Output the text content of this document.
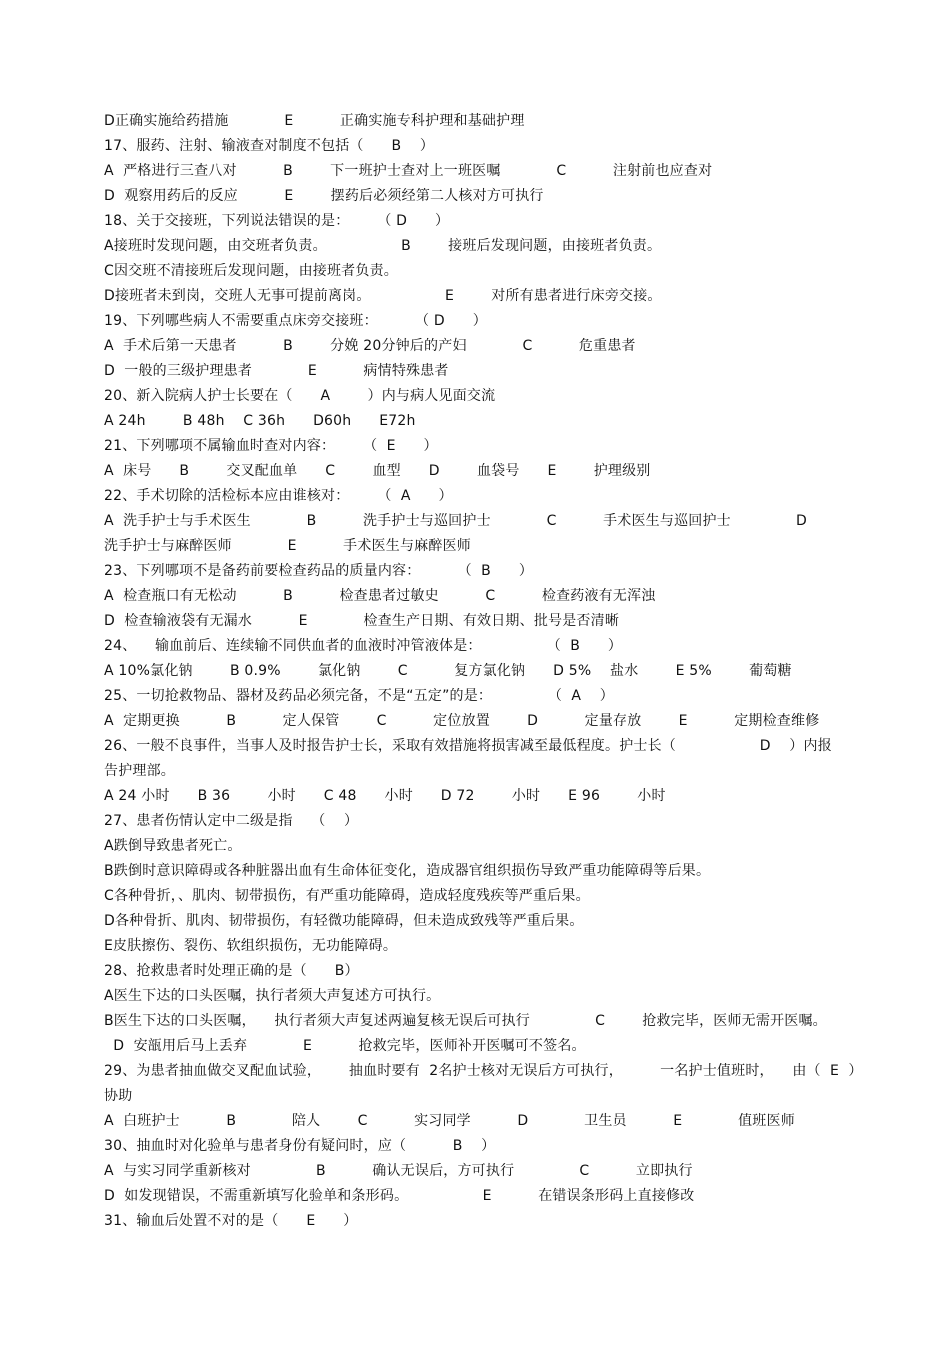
D正确实施给药措施            E          正确实施专科护理和基础护理
17、服药、注射、输液查对制度不包括（      B    ）
A  严格进行三查八对          B        下一班护士查对上一班医嘱            C          注射前也应查对
D  观察用药后的反应          E        摆药后必须经第二人核对方可执行
18、关于交接班，下列说法错误的是：      （ D      ）
A接班时发现问题，由交班者负责。                B        接班后发现问题，由接班者负责。
C因交班不清接班后发现问题，由接班者负责。
D接班者未到岗，交班人无事可提前离岗。                E        对所有患者进行床旁交接。
19、下列哪些病人不需要重点床旁交接班：        （ D      ）
A  手术后第一天患者          B        分娩 20分钟后的产妇            C          危重患者
D  一般的三级护理患者            E          病情特殊患者
20、新入院病人护士长要在（      A        ）内与病人见面交流
A 24h        B 48h    C 36h      D60h      E72h
21、下列哪项不属输血时查对内容：      （  E      ）
A  床号      B        交叉配血单      C        血型      D        血袋号      E        护理级别
22、手术切除的活检标本应由谁核对：      （  A      ）
A  洗手护士与手术医生            B          洗手护士与巡回护士            C          手术医生与巡回护士              D
洗手护士与麻醉医师            E          手术医生与麻醉医师
23、下列哪项不是备药前要检查药品的质量内容：        （  B      ）
A  检查瓶口有无松动          B          检查患者过敏史          C          检查药液有无浑浊
D  检查输液袋有无漏水          E            检查生产日期、有效日期、批号是否清晰
24、    输血前后、连续输不同供血者的血液时冲管液体是：              （  B      ）
A 10%氯化钠        B 0.9%        氯化钠        C          复方氯化钠      D 5%    盐水        E 5%        葡萄糖
25、一切抢救物品、器材及药品必须完备，不是“五定”的是：            （  A    ）
A  定期更换          B          定人保管        C          定位放置        D          定量存放        E          定期检查维修
26、一般不良事件，当事人及时报告护士长，采取有效措施将损害减至最低程度。护士长（                  D    ）内报
告护理部。
A 24 小时      B 36        小时      C 48      小时      D 72        小时      E 96        小时
27、患者伤情认定中二级是指    （    ）
A跌倒导致患者死亡。
B跌倒时意识障碍或各种脏器出血有生命体征变化，造成器官组织损伤导致严重功能障碍等后果。
C各种骨折，、肌肉、韧带损伤，有严重功能障碍，造成轻度残疾等严重后果。
D各种骨折、肌肉、韧带损伤，有轻微功能障碍，但未造成致残等严重后果。
E皮肤擦伤、裂伤、软组织损伤，无功能障碍。
28、抢救患者时处理正确的是（      B）
A医生下达的口头医嘱，执行者须大声复述方可执行。
B医生下达的口头医嘱，    执行者须大声复述两遍复核无误后可执行              C        抢救完毕，医师无需开医嘱。
D  安瓿用后马上丢弃            E          抢救完毕，医师补开医嘱可不签名。
29、为患者抽血做交叉配血试验，      抽血时要有  2名护士核对无误后方可执行，        一名护士值班时，    由（  E  ）
协助
A  白班护士          B            陪人        C          实习同学          D            卫生员          E            值班医师
30、抽血时对化验单与患者身份有疑问时，应（          B    ）
A  与实习同学重新核对              B          确认无误后，方可执行              C          立即执行
D  如发现错误，不需重新填写化验单和条形码。                E          在错误条形码上直接修改
31、输血后处置不对的是（      E      ）
